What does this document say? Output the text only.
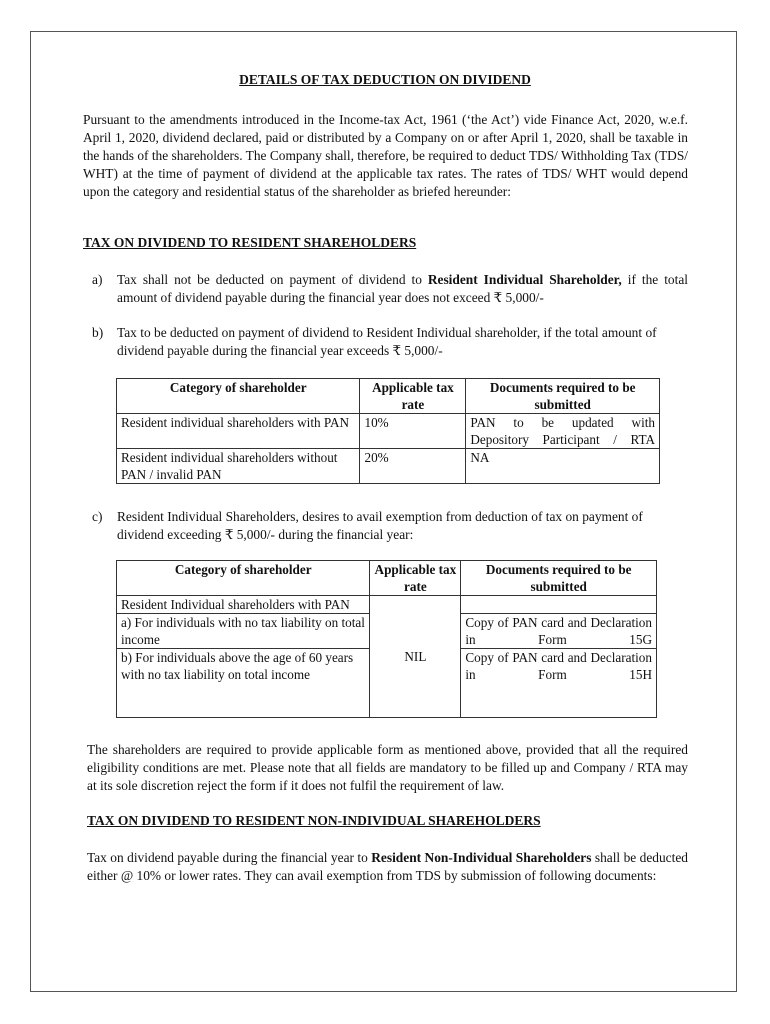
DETAILS OF TAX DEDUCTION ON DIVIDEND
Pursuant to the amendments introduced in the Income-tax Act, 1961 (‘the Act’) vide Finance Act, 2020, w.e.f. April 1, 2020, dividend declared, paid or distributed by a Company on or after April 1, 2020, shall be taxable in the hands of the shareholders. The Company shall, therefore, be required to deduct TDS/ Withholding Tax (TDS/ WHT) at the time of payment of dividend at the applicable tax rates. The rates of TDS/ WHT would depend upon the category and residential status of the shareholder as briefed hereunder:
TAX ON DIVIDEND TO RESIDENT SHAREHOLDERS
a) Tax shall not be deducted on payment of dividend to Resident Individual Shareholder, if the total amount of dividend payable during the financial year does not exceed ₹ 5,000/-
b) Tax to be deducted on payment of dividend to Resident Individual shareholder, if the total amount of dividend payable during the financial year exceeds ₹ 5,000/-
Category of shareholder	Applicable tax rate	Documents required to be submitted
Resident individual shareholders with PAN	10%	PAN to be updated with Depository Participant / RTA
Resident individual shareholders without PAN / invalid PAN	20%	NA
c) Resident Individual Shareholders, desires to avail exemption from deduction of tax on payment of dividend exceeding ₹ 5,000/- during the financial year:
Category of shareholder	Applicable tax rate	Documents required to be submitted
Resident Individual shareholders with PAN	NIL	
a) For individuals with no tax liability on total income		Copy of PAN card and Declaration in Form 15G
b) For individuals above the age of 60 years with no tax liability on total income		Copy of PAN card and Declaration in Form 15H
The shareholders are required to provide applicable form as mentioned above, provided that all the required eligibility conditions are met. Please note that all fields are mandatory to be filled up and Company / RTA may at its sole discretion reject the form if it does not fulfil the requirement of law.
TAX ON DIVIDEND TO RESIDENT NON-INDIVIDUAL SHAREHOLDERS
Tax on dividend payable during the financial year to Resident Non-Individual Shareholders shall be deducted either @ 10% or lower rates. They can avail exemption from TDS by submission of following documents:
